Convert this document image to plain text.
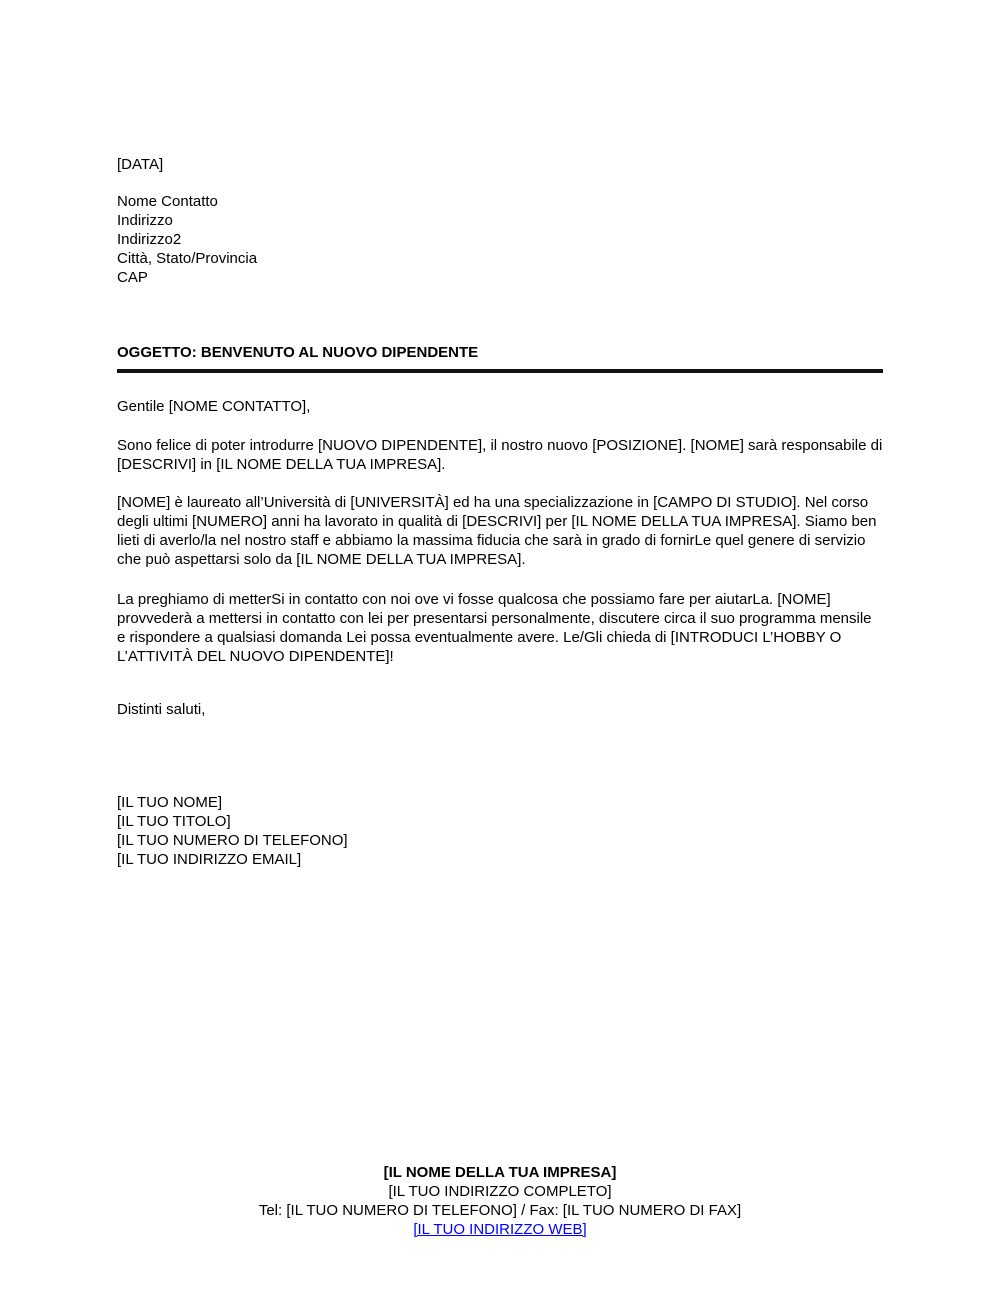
[DATA]
Nome Contatto
Indirizzo
Indirizzo2
Città, Stato/Provincia
CAP
OGGETTO: BENVENUTO AL NUOVO DIPENDENTE
Gentile [NOME CONTATTO],
Sono felice di poter introdurre [NUOVO DIPENDENTE], il nostro nuovo [POSIZIONE]. [NOME] sarà responsabile di [DESCRIVI] in [IL NOME DELLA TUA IMPRESA].
[NOME] è laureato all’Università di [UNIVERSITÀ] ed ha una specializzazione in [CAMPO DI STUDIO]. Nel corso degli ultimi [NUMERO] anni ha lavorato in qualità di [DESCRIVI] per [IL NOME DELLA TUA IMPRESA]. Siamo ben lieti di averlo/la nel nostro staff e abbiamo la massima fiducia che sarà in grado di fornirLe quel genere di servizio che può aspettarsi solo da [IL NOME DELLA TUA IMPRESA].
La preghiamo di metterSi in contatto con noi ove vi fosse qualcosa che possiamo fare per aiutarLa. [NOME] provvederà a mettersi in contatto con lei per presentarsi personalmente, discutere circa il suo programma mensile e rispondere a qualsiasi domanda Lei possa eventualmente avere. Le/Gli chieda di [INTRODUCI L’HOBBY O L’ATTIVITÀ DEL NUOVO DIPENDENTE]!
Distinti saluti,
[IL TUO NOME]
[IL TUO TITOLO]
[IL TUO NUMERO DI TELEFONO]
[IL TUO INDIRIZZO EMAIL]
[IL NOME DELLA TUA IMPRESA]
[IL TUO INDIRIZZO COMPLETO]
Tel: [IL TUO NUMERO DI TELEFONO] / Fax: [IL TUO NUMERO DI FAX]
[IL TUO INDIRIZZO WEB]
